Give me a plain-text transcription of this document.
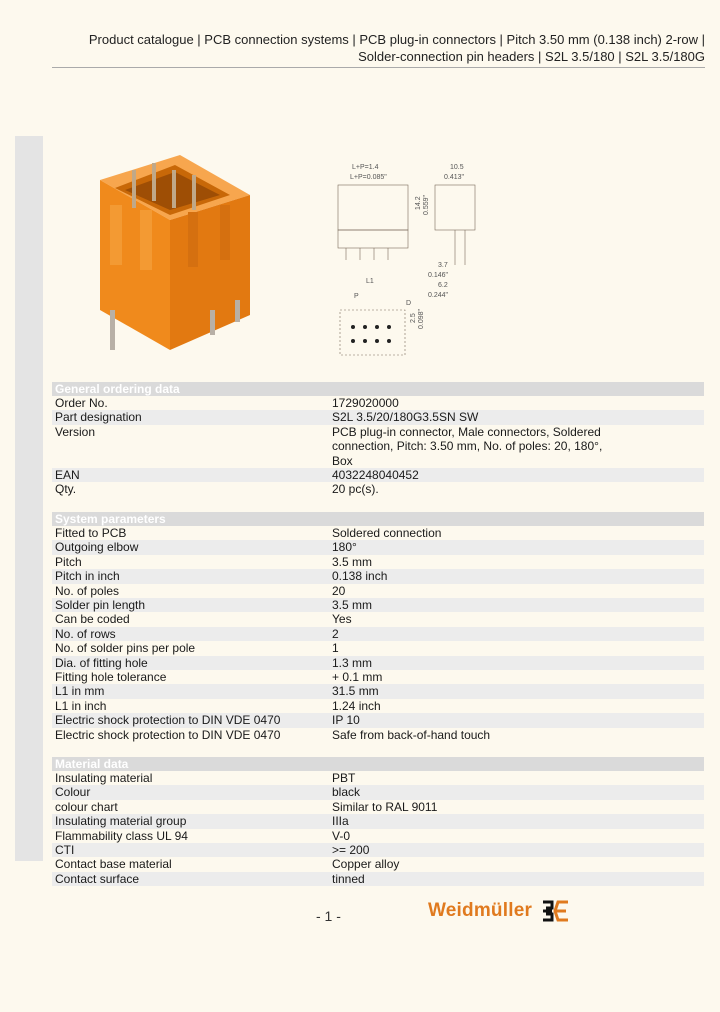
Product catalogue | PCB connection systems | PCB plug-in connectors | Pitch 3.50 mm (0.138 inch) 2-row | Solder-connection pin headers | S2L 3.5/180 | S2L 3.5/180G
L+P=1.4
L+P=0.085"
10.5
0.413"
14.2 0.559"
3.7
0.146"
6.2
0.244"
L1
P
D
2.5 0.098"
General ordering data
Order No.	1729020000
Part designation	S2L 3.5/20/180G3.5SN SW
Version	PCB plug-in connector, Male connectors, Soldered connection, Pitch: 3.50 mm, No. of poles: 20, 180°, Box
EAN	4032248040452
Qty.	20 pc(s).
System parameters
Fitted to PCB	Soldered connection
Outgoing elbow	180°
Pitch	3.5 mm
Pitch in inch	0.138 inch
No. of poles	20
Solder pin length	3.5 mm
Can be coded	Yes
No. of rows	2
No. of solder pins per pole	1
Dia. of fitting hole	1.3 mm
Fitting hole tolerance	+ 0.1 mm
L1 in mm	31.5 mm
L1 in inch	1.24 inch
Electric shock protection to DIN VDE 0470	IP 10
Electric shock protection to DIN VDE 0470	Safe from back-of-hand touch
Material data
Insulating material	PBT
Colour	black
colour chart	Similar to RAL 9011
Insulating material group	IIIa
Flammability class UL 94	V-0
CTI	>= 200
Contact base material	Copper alloy
Contact surface	tinned
- 1 -	Weidmüller
